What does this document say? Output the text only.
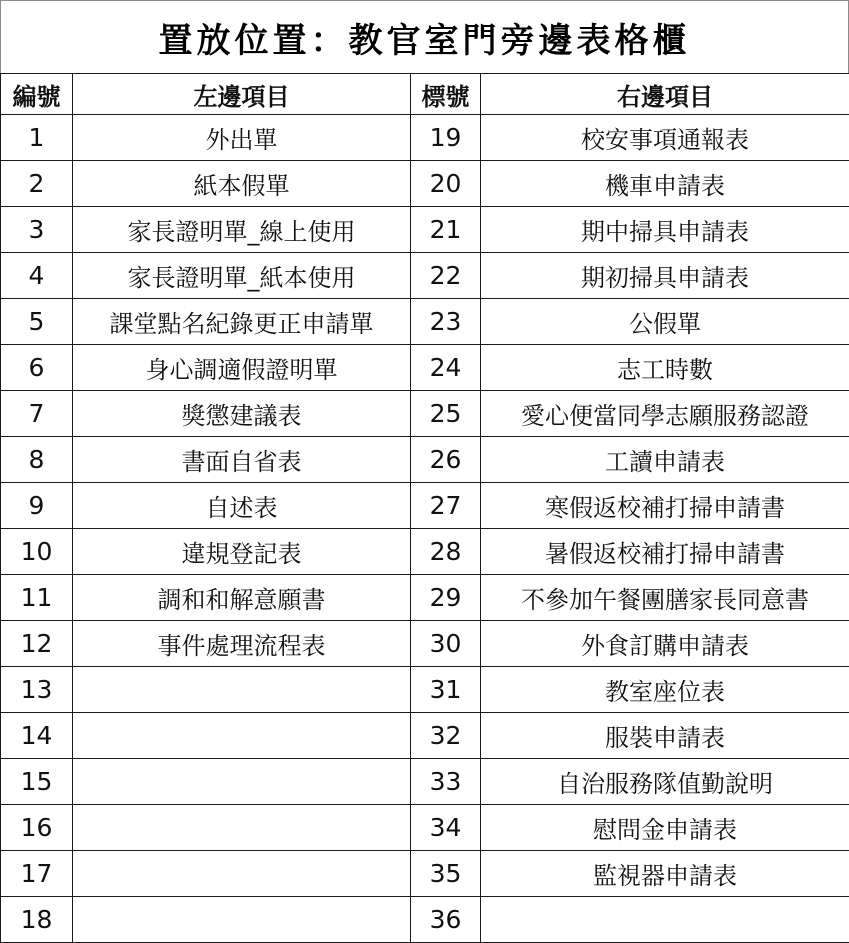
置放位置：教官室門旁邊表格櫃
編號	左邊項目	標號	右邊項目
1	外出單	19	校安事項通報表
2	紙本假單	20	機車申請表
3	家長證明單_線上使用	21	期中掃具申請表
4	家長證明單_紙本使用	22	期初掃具申請表
5	課堂點名紀錄更正申請單	23	公假單
6	身心調適假證明單	24	志工時數
7	獎懲建議表	25	愛心便當同學志願服務認證
8	書面自省表	26	工讀申請表
9	自述表	27	寒假返校補打掃申請書
10	違規登記表	28	暑假返校補打掃申請書
11	調和和解意願書	29	不參加午餐團膳家長同意書
12	事件處理流程表	30	外食訂購申請表
13		31	教室座位表
14		32	服裝申請表
15		33	自治服務隊值勤說明
16		34	慰問金申請表
17		35	監視器申請表
18		36	
